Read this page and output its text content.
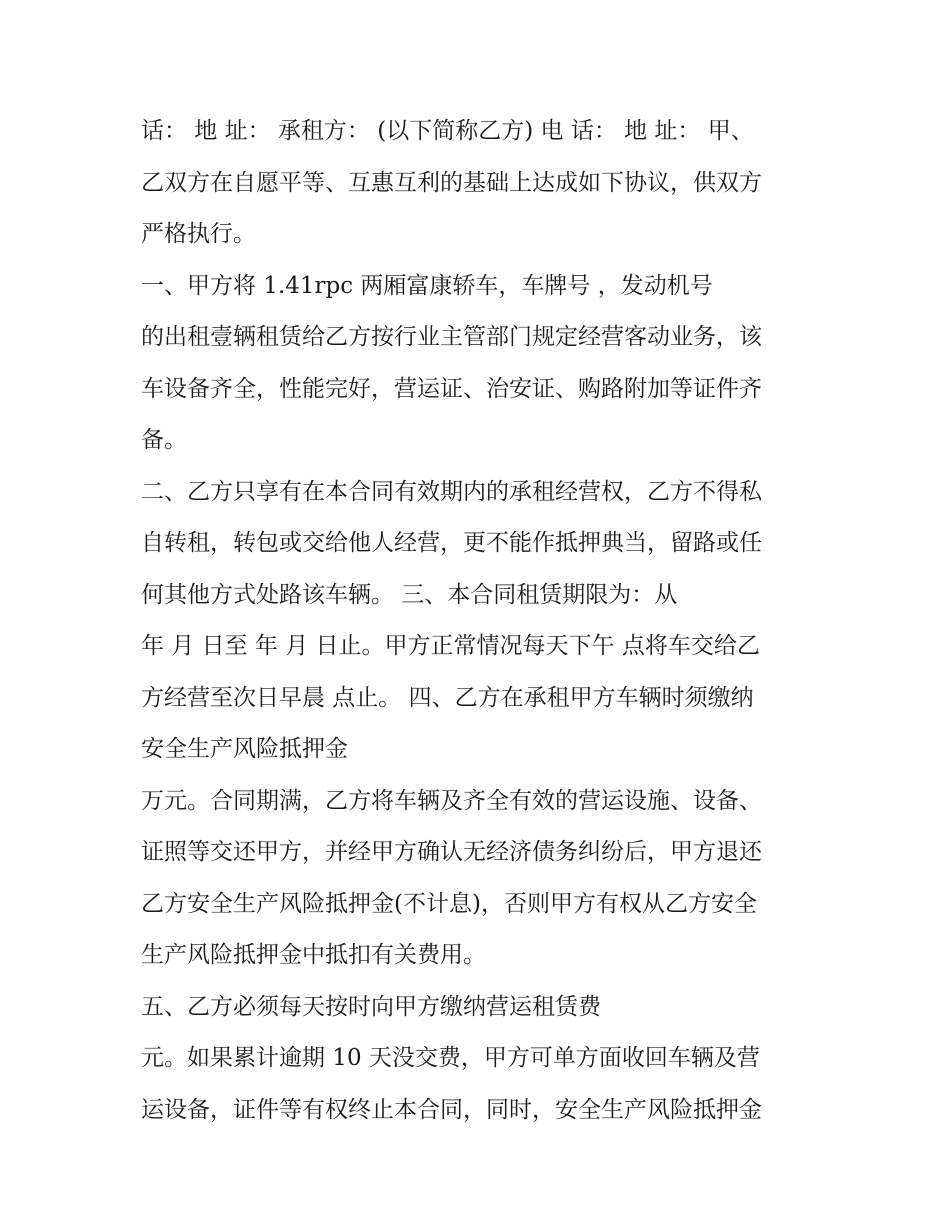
话： 地 址： 承租方： (以下简称乙方) 电 话： 地 址： 甲、
乙双方在自愿平等、互惠互利的基础上达成如下协议，供双方
严格执行。
一、甲方将 1.41rpc 两厢富康轿车，车牌号 ，发动机号
的出租壹辆租赁给乙方按行业主管部门规定经营客动业务，该
车设备齐全，性能完好，营运证、治安证、购路附加等证件齐
备。
二、乙方只享有在本合同有效期内的承租经营权，乙方不得私
自转租，转包或交给他人经营，更不能作抵押典当，留路或任
何其他方式处路该车辆。 三、本合同租赁期限为：从
年 月 日至 年 月 日止。甲方正常情况每天下午 点将车交给乙
方经营至次日早晨 点止。 四、乙方在承租甲方车辆时须缴纳
安全生产风险抵押金
万元。合同期满，乙方将车辆及齐全有效的营运设施、设备、
证照等交还甲方，并经甲方确认无经济债务纠纷后，甲方退还
乙方安全生产风险抵押金(不计息)，否则甲方有权从乙方安全
生产风险抵押金中抵扣有关费用。
五、乙方必须每天按时向甲方缴纳营运租赁费
元。如果累计逾期 10 天没交费，甲方可单方面收回车辆及营
运设备，证件等有权终止本合同，同时，安全生产风险抵押金
